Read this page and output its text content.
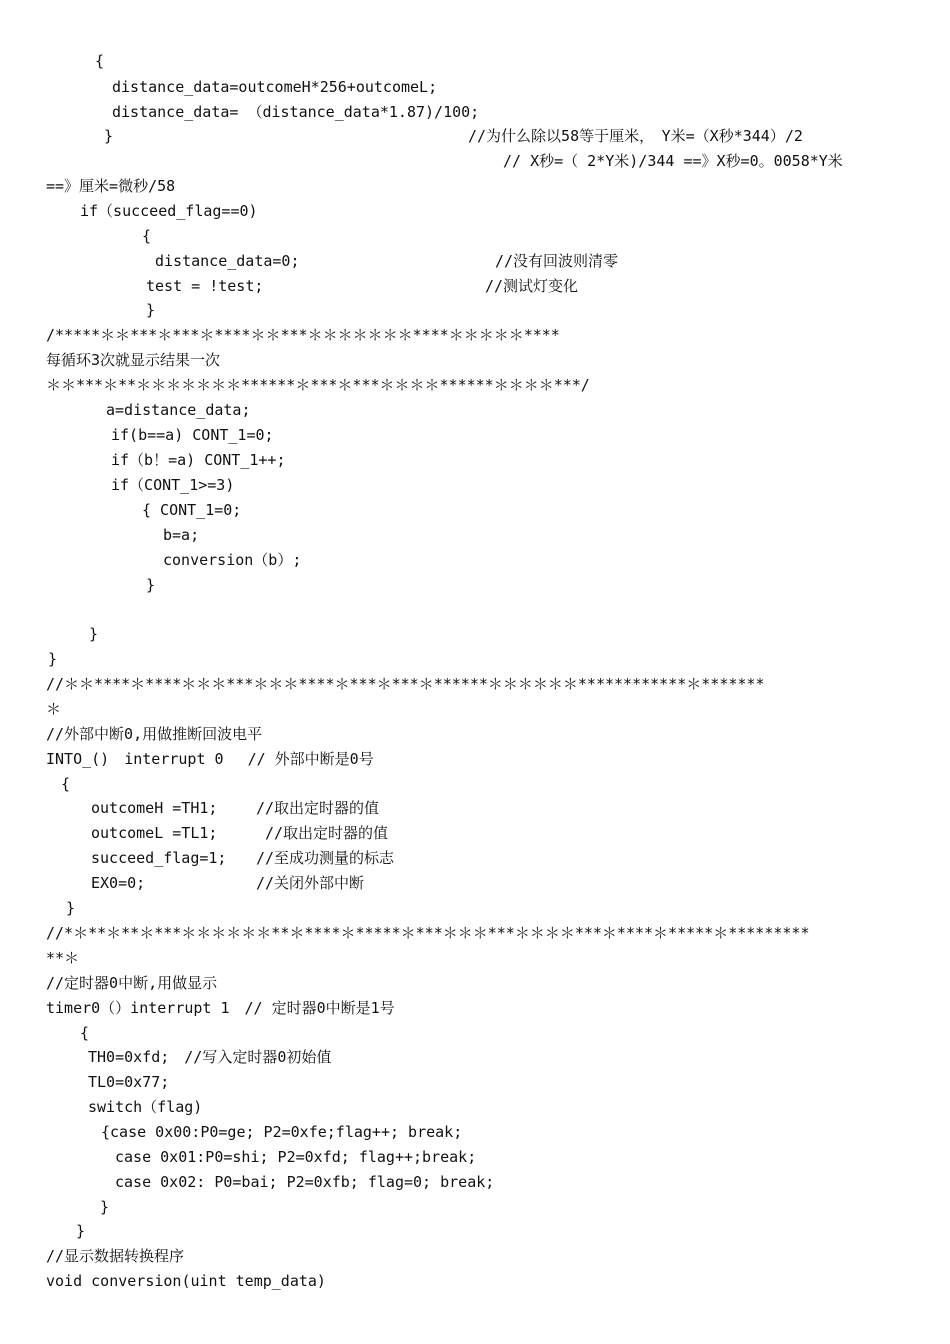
{
distance_data=outcomeH*256+outcomeL;
distance_data= （distance_data*1.87)/100;
}	//为什么除以58等于厘米，　Y米=（X秒*344）/2
// X秒=（ 2*Y米)/344 ==》X秒=0。0058*Y米
==》厘米=微秒/58
if（succeed_flag==0)
{
distance_data=0;	//没有回波则清零
test = !test;	//测试灯变化
}
/*****＊＊***＊***＊****＊＊***＊＊＊＊＊＊＊****＊＊＊＊＊****
每循环3次就显示结果一次
＊＊***＊**＊＊＊＊＊＊＊******＊***＊***＊＊＊＊******＊＊＊＊***/
a=distance_data;
if(b==a) CONT_1=0;
if（b！=a) CONT_1++;
if（CONT_1>=3)
{ CONT_1=0;
b=a;
conversion（b）;
}
}
}
//＊＊****＊****＊＊＊***＊＊＊****＊***＊***＊******＊＊＊＊＊＊************＊*******
＊
//外部中断0,用做推断回波电平
INTO_()　interrupt 0　 // 外部中断是0号
{
outcomeH =TH1;	//取出定时器的值
outcomeL =TL1;	//取出定时器的值
succeed_flag=1; //至成功测量的标志
EX0=0;	//关闭外部中断
}
//*＊**＊**＊***＊＊＊＊＊＊**＊****＊*****＊***＊＊＊***＊＊＊＊***＊****＊*****＊*********
**＊
//定时器0中断,用做显示
timer0（）interrupt 1　// 定时器0中断是1号
{
TH0=0xfd;　//写入定时器0初始值
TL0=0x77;
switch（flag)
{case 0x00:P0=ge; P2=0xfe;flag++; break;
case 0x01:P0=shi; P2=0xfd; flag++;break;
case 0x02: P0=bai; P2=0xfb; flag=0; break;
}
}
//显示数据转换程序
void conversion(uint temp_data)
